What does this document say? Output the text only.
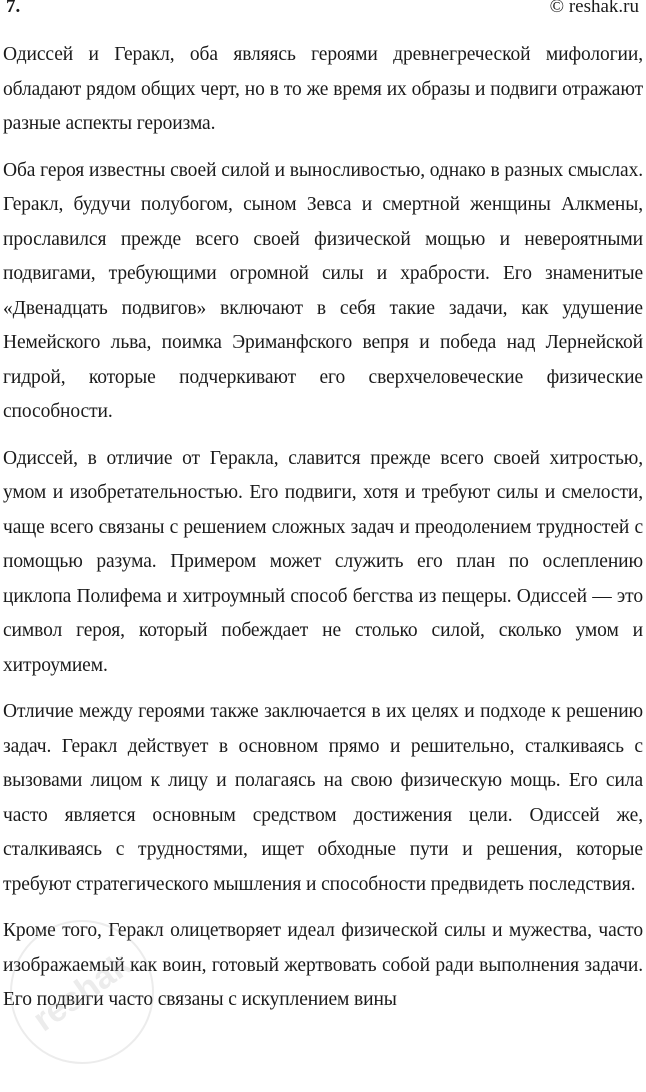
7.	© reshak.ru

Одиссей и Геракл, оба являясь героями древнегреческой мифологии, обладают рядом общих черт, но в то же время их образы и подвиги отражают разные аспекты героизма.

Оба героя известны своей силой и выносливостью, однако в разных смыслах. Геракл, будучи полубогом, сыном Зевса и смертной женщины Алкмены, прославился прежде всего своей физической мощью и невероятными подвигами, требующими огромной силы и храбрости. Его знаменитые «Двенадцать подвигов» включают в себя такие задачи, как удушение Немейского льва, поимка Эриманфского вепря и победа над Лернейской гидрой, которые подчеркивают его сверхчеловеческие физические способности.

Одиссей, в отличие от Геракла, славится прежде всего своей хитростью, умом и изобретательностью. Его подвиги, хотя и требуют силы и смелости, чаще всего связаны с решением сложных задач и преодолением трудностей с помощью разума. Примером может служить его план по ослеплению циклопа Полифема и хитроумный способ бегства из пещеры. Одиссей — это символ героя, который побеждает не столько силой, сколько умом и хитроумием.

Отличие между героями также заключается в их целях и подходе к решению задач. Геракл действует в основном прямо и решительно, сталкиваясь с вызовами лицом к лицу и полагаясь на свою физическую мощь. Его сила часто является основным средством достижения цели. Одиссей же, сталкиваясь с трудностями, ищет обходные пути и решения, которые требуют стратегического мышления и способности предвидеть последствия.

Кроме того, Геракл олицетворяет идеал физической силы и мужества, часто изображаемый как воин, готовый жертвовать собой ради выполнения задачи. Его подвиги часто связаны с искуплением вины

reshak
